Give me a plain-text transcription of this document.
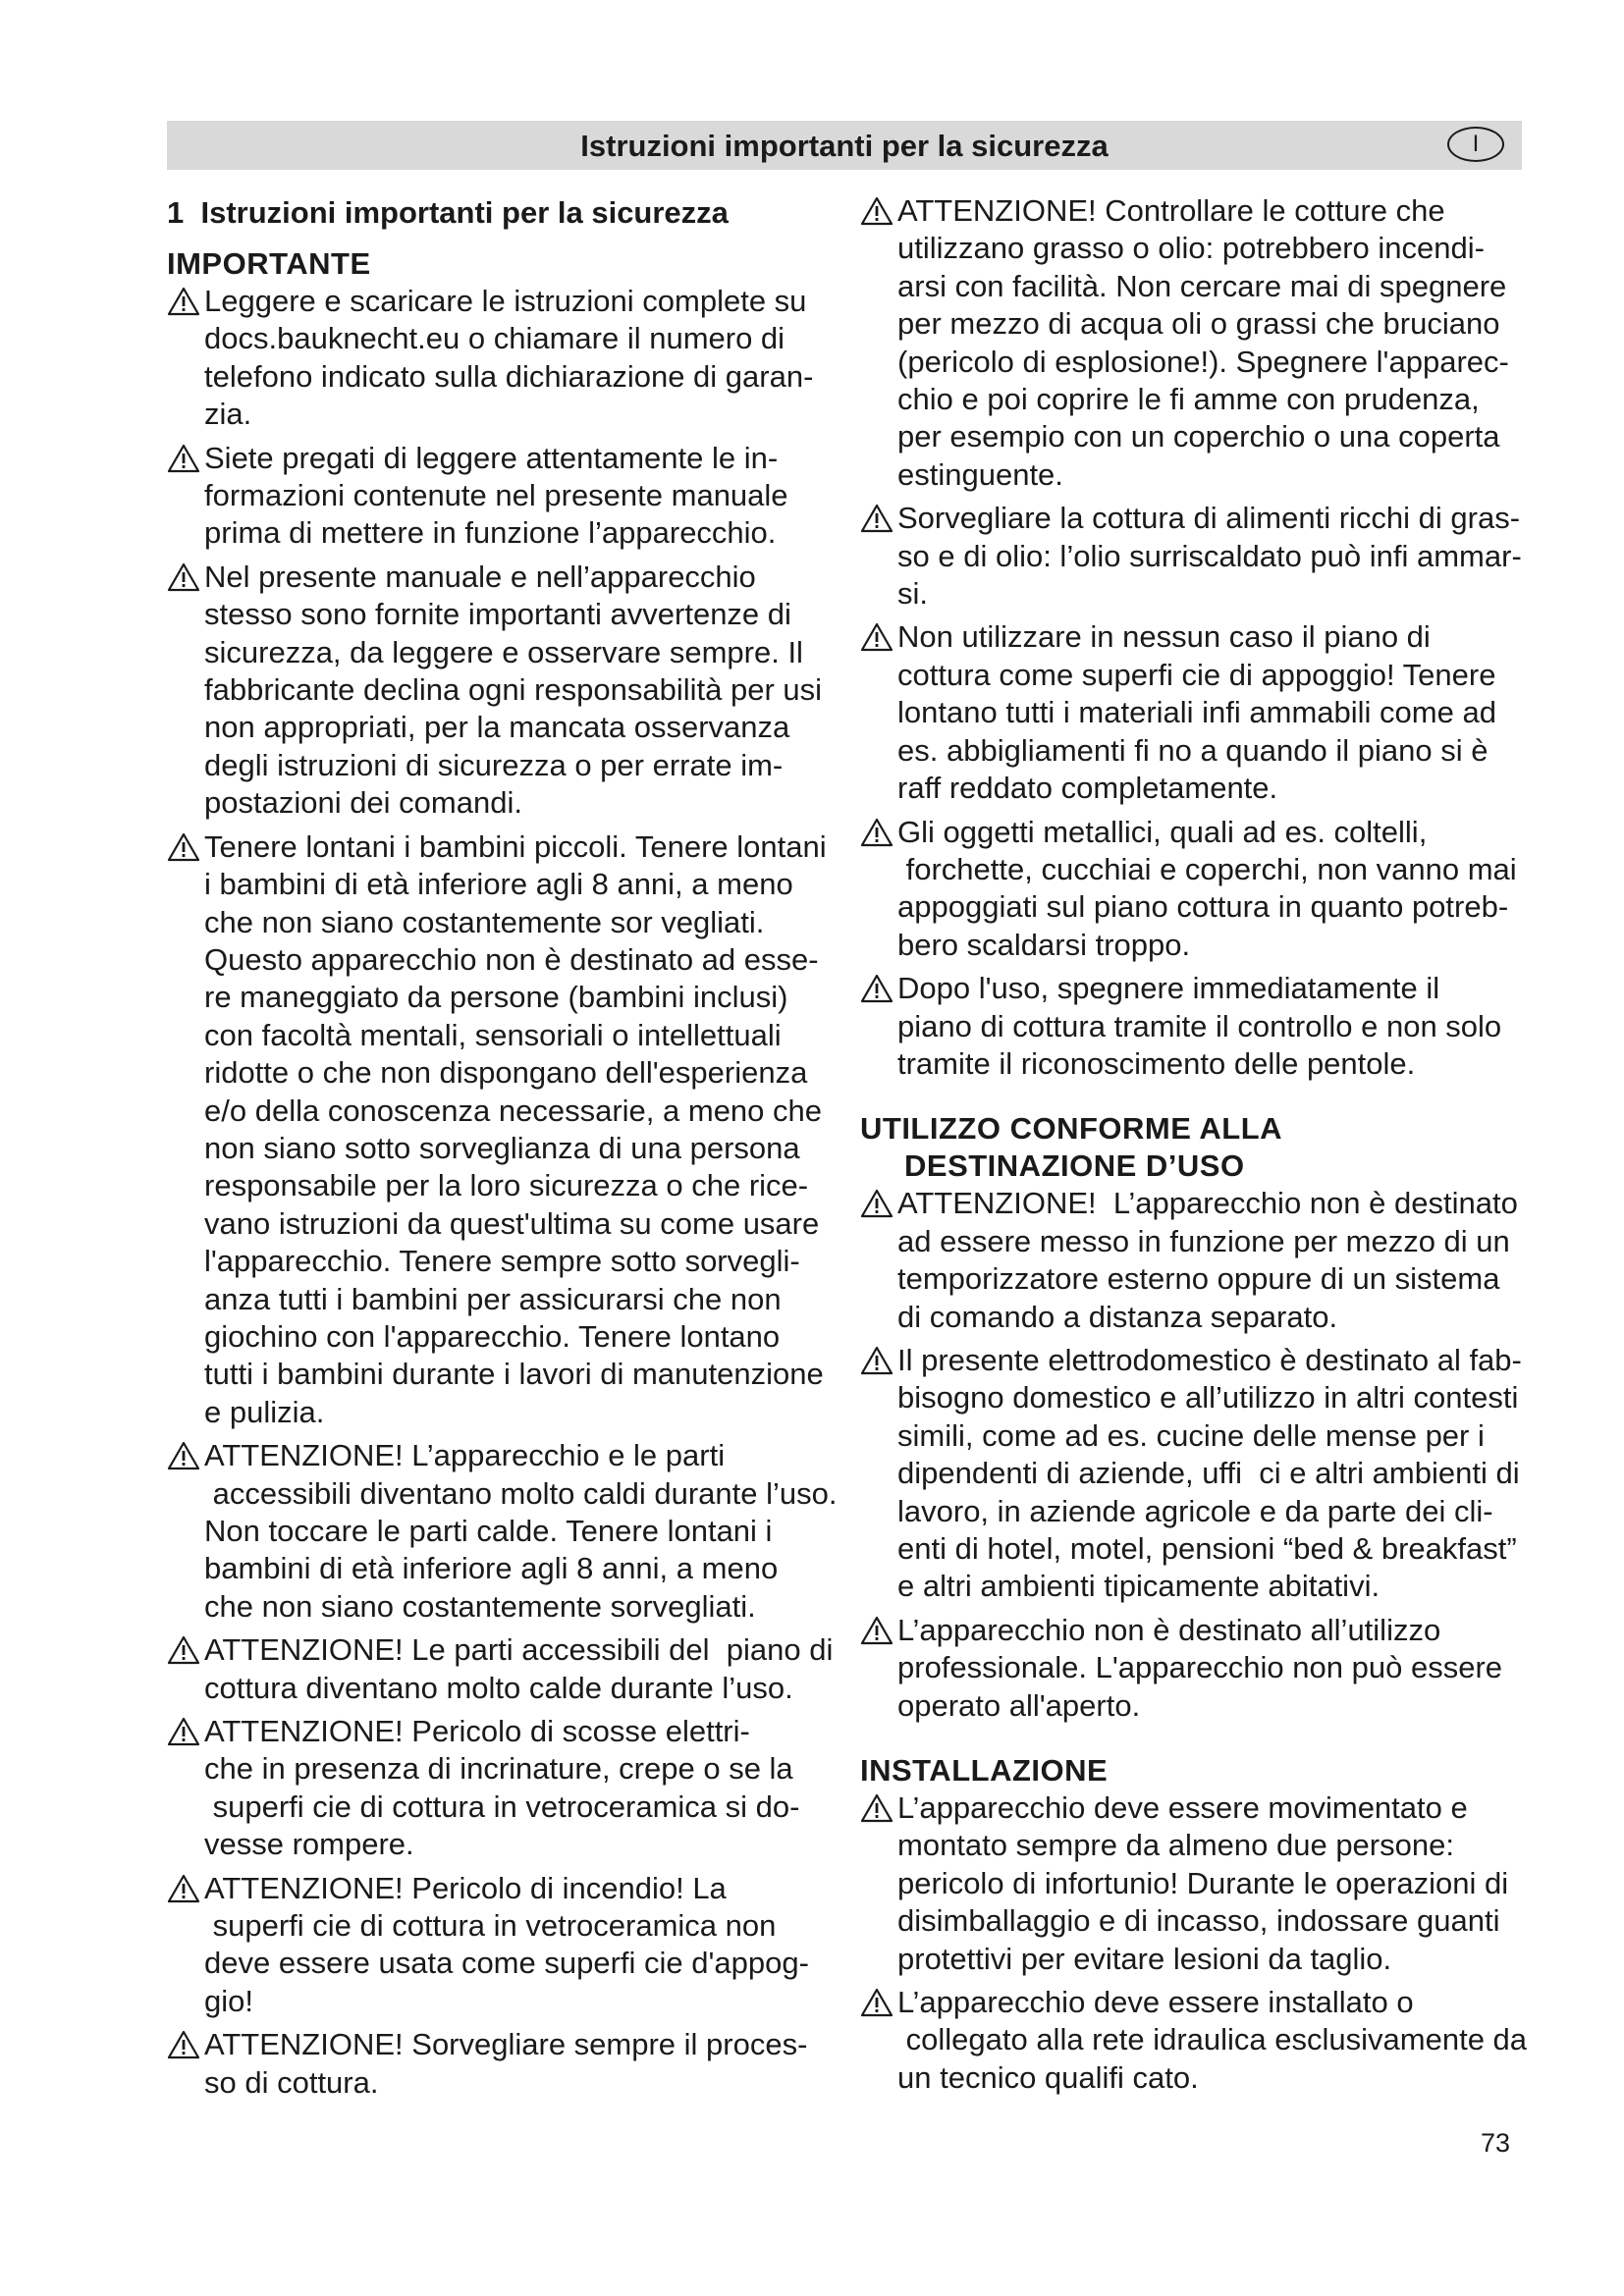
Istruzioni importanti per la sicurezza	I
1  Istruzioni importanti per la sicurezza
IMPORTANTE
Leggere e scaricare le istruzioni complete su
docs.bauknecht.eu o chiamare il numero di
telefono indicato sulla dichiarazione di garan-
zia.
Siete pregati di leggere attentamente le in-
formazioni contenute nel presente manuale
prima di mettere in funzione l’apparecchio.
Nel presente manuale e nell’apparecchio
stesso sono fornite importanti avvertenze di
sicurezza, da leggere e osservare sempre. Il
fabbricante declina ogni responsabilità per usi
non appropriati, per la mancata osservanza
degli istruzioni di sicurezza o per errate im-
postazioni dei comandi.
Tenere lontani i bambini piccoli. Tenere lontani
i bambini di età inferiore agli 8 anni, a meno
che non siano costantemente sor vegliati.
Questo apparecchio non è destinato ad esse-
re maneggiato da persone (bambini inclusi)
con facoltà mentali, sensoriali o intellettuali
ridotte o che non dispongano dell'esperienza
e/o della conoscenza necessarie, a meno che
non siano sotto sorveglianza di una persona
responsabile per la loro sicurezza o che rice-
vano istruzioni da quest'ultima su come usare
l'apparecchio. Tenere sempre sotto sorvegli-
anza tutti i bambini per assicurarsi che non
giochino con l'apparecchio. Tenere lontano
tutti i bambini durante i lavori di manutenzione
e pulizia.
ATTENZIONE! L’apparecchio e le parti
accessibili diventano molto caldi durante l’uso.
Non toccare le parti calde. Tenere lontani i
bambini di età inferiore agli 8 anni, a meno
che non siano costantemente sorvegliati.
ATTENZIONE! Le parti accessibili del  piano di
cottura diventano molto calde durante l’uso.
ATTENZIONE! Pericolo di scosse elettri-
che in presenza di incrinature, crepe o se la
superfi cie di cottura in vetroceramica si do-
vesse rompere.
ATTENZIONE! Pericolo di incendio! La
superfi cie di cottura in vetroceramica non
deve essere usata come superfi cie d'appog-
gio!
ATTENZIONE! Sorvegliare sempre il proces-
so di cottura.
ATTENZIONE! Controllare le cotture che
utilizzano grasso o olio: potrebbero incendi-
arsi con facilità. Non cercare mai di spegnere
per mezzo di acqua oli o grassi che bruciano
(pericolo di esplosione!). Spegnere l'apparec-
chio e poi coprire le fi amme con prudenza,
per esempio con un coperchio o una coperta
estinguente.
Sorvegliare la cottura di alimenti ricchi di gras-
so e di olio: l’olio surriscaldato può infi ammar-
si.
Non utilizzare in nessun caso il piano di
cottura come superfi cie di appoggio! Tenere
lontano tutti i materiali infi ammabili come ad
es. abbigliamenti fi no a quando il piano si è
raff reddato completamente.
Gli oggetti metallici, quali ad es. coltelli,
forchette, cucchiai e coperchi, non vanno mai
appoggiati sul piano cottura in quanto potreb-
bero scaldarsi troppo.
Dopo l'uso, spegnere immediatamente il
piano di cottura tramite il controllo e non solo
tramite il riconoscimento delle pentole.
UTILIZZO CONFORME ALLA
DESTINAZIONE D’USO
ATTENZIONE!  L’apparecchio non è destinato
ad essere messo in funzione per mezzo di un
temporizzatore esterno oppure di un sistema
di comando a distanza separato.
Il presente elettrodomestico è destinato al fab-
bisogno domestico e all’utilizzo in altri contesti
simili, come ad es. cucine delle mense per i
dipendenti di aziende, uffi  ci e altri ambienti di
lavoro, in aziende agricole e da parte dei cli-
enti di hotel, motel, pensioni “bed & breakfast”
e altri ambienti tipicamente abitativi.
L’apparecchio non è destinato all’utilizzo
professionale. L'apparecchio non può essere
operato all'aperto.
INSTALLAZIONE
L’apparecchio deve essere movimentato e
montato sempre da almeno due persone:
pericolo di infortunio! Durante le operazioni di
disimballaggio e di incasso, indossare guanti
protettivi per evitare lesioni da taglio.
L’apparecchio deve essere installato o
collegato alla rete idraulica esclusivamente da
un tecnico qualifi cato.
73
